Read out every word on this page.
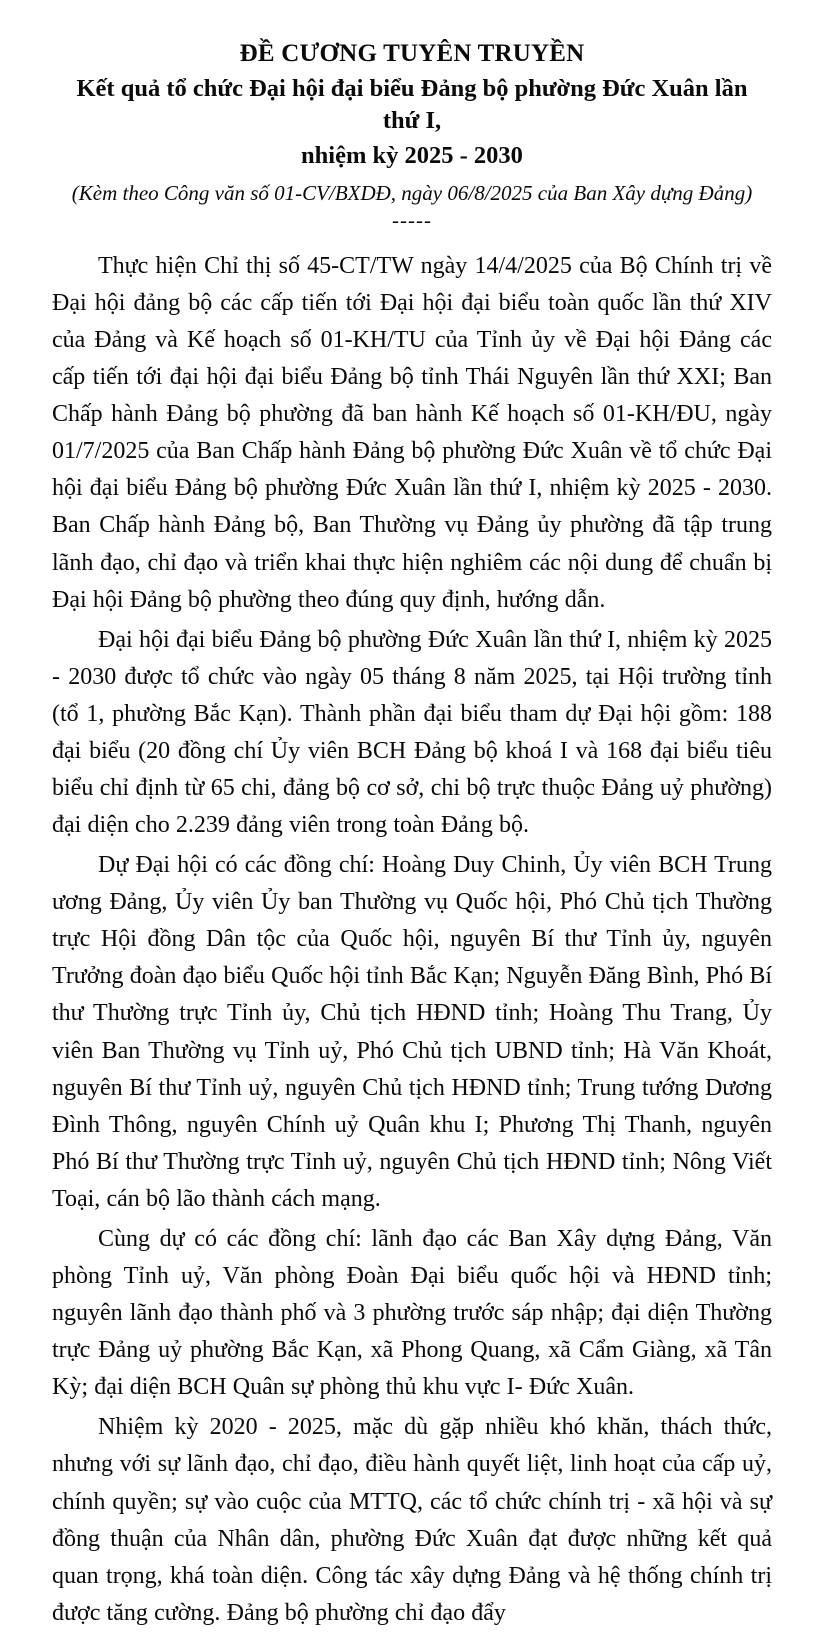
ĐỀ CƯƠNG TUYÊN TRUYỀN
Kết quả tổ chức Đại hội đại biểu Đảng bộ phường Đức Xuân lần thứ I,
nhiệm kỳ 2025 - 2030
(Kèm theo Công văn số 01-CV/BXDĐ, ngày 06/8/2025 của Ban Xây dựng Đảng)
-----

Thực hiện Chỉ thị số 45-CT/TW ngày 14/4/2025 của Bộ Chính trị về Đại hội đảng bộ các cấp tiến tới Đại hội đại biểu toàn quốc lần thứ XIV của Đảng và Kế hoạch số 01-KH/TU của Tỉnh ủy về Đại hội Đảng các cấp tiến tới đại hội đại biểu Đảng bộ tỉnh Thái Nguyên lần thứ XXI; Ban Chấp hành Đảng bộ phường đã ban hành Kế hoạch số 01-KH/ĐU, ngày 01/7/2025 của Ban Chấp hành Đảng bộ phường Đức Xuân về tổ chức Đại hội đại biểu Đảng bộ phường Đức Xuân lần thứ I, nhiệm kỳ 2025 - 2030. Ban Chấp hành Đảng bộ, Ban Thường vụ Đảng ủy phường đã tập trung lãnh đạo, chỉ đạo và triển khai thực hiện nghiêm các nội dung để chuẩn bị Đại hội Đảng bộ phường theo đúng quy định, hướng dẫn.

Đại hội đại biểu Đảng bộ phường Đức Xuân lần thứ I, nhiệm kỳ 2025 - 2030 được tổ chức vào ngày 05 tháng 8 năm 2025, tại Hội trường tỉnh (tổ 1, phường Bắc Kạn). Thành phần đại biểu tham dự Đại hội gồm: 188 đại biểu (20 đồng chí Ủy viên BCH Đảng bộ khoá I và 168 đại biểu tiêu biểu chỉ định từ 65 chi, đảng bộ cơ sở, chi bộ trực thuộc Đảng uỷ phường) đại diện cho 2.239 đảng viên trong toàn Đảng bộ.

Dự Đại hội có các đồng chí: Hoàng Duy Chinh, Ủy viên BCH Trung ương Đảng, Ủy viên Ủy ban Thường vụ Quốc hội, Phó Chủ tịch Thường trực Hội đồng Dân tộc của Quốc hội, nguyên Bí thư Tỉnh ủy, nguyên Trưởng đoàn đạo biểu Quốc hội tỉnh Bắc Kạn; Nguyễn Đăng Bình, Phó Bí thư Thường trực Tỉnh ủy, Chủ tịch HĐND tỉnh; Hoàng Thu Trang, Ủy viên Ban Thường vụ Tỉnh uỷ, Phó Chủ tịch UBND tỉnh; Hà Văn Khoát, nguyên Bí thư Tỉnh uỷ, nguyên Chủ tịch HĐND tỉnh; Trung tướng Dương Đình Thông, nguyên Chính uỷ Quân khu I; Phương Thị Thanh, nguyên Phó Bí thư Thường trực Tỉnh uỷ, nguyên Chủ tịch HĐND tỉnh; Nông Viết Toại, cán bộ lão thành cách mạng.

Cùng dự có các đồng chí: lãnh đạo các Ban Xây dựng Đảng, Văn phòng Tỉnh uỷ, Văn phòng Đoàn Đại biểu quốc hội và HĐND tỉnh; nguyên lãnh đạo thành phố và 3 phường trước sáp nhập; đại diện Thường trực Đảng uỷ phường Bắc Kạn, xã Phong Quang, xã Cẩm Giàng, xã Tân Kỳ; đại diện BCH Quân sự phòng thủ khu vực I- Đức Xuân.

Nhiệm kỳ 2020 - 2025, mặc dù gặp nhiều khó khăn, thách thức, nhưng với sự lãnh đạo, chỉ đạo, điều hành quyết liệt, linh hoạt của cấp uỷ, chính quyền; sự vào cuộc của MTTQ, các tổ chức chính trị - xã hội và sự đồng thuận của Nhân dân, phường Đức Xuân đạt được những kết quả quan trọng, khá toàn diện. Công tác xây dựng Đảng và hệ thống chính trị được tăng cường. Đảng bộ phường chỉ đạo đẩy
